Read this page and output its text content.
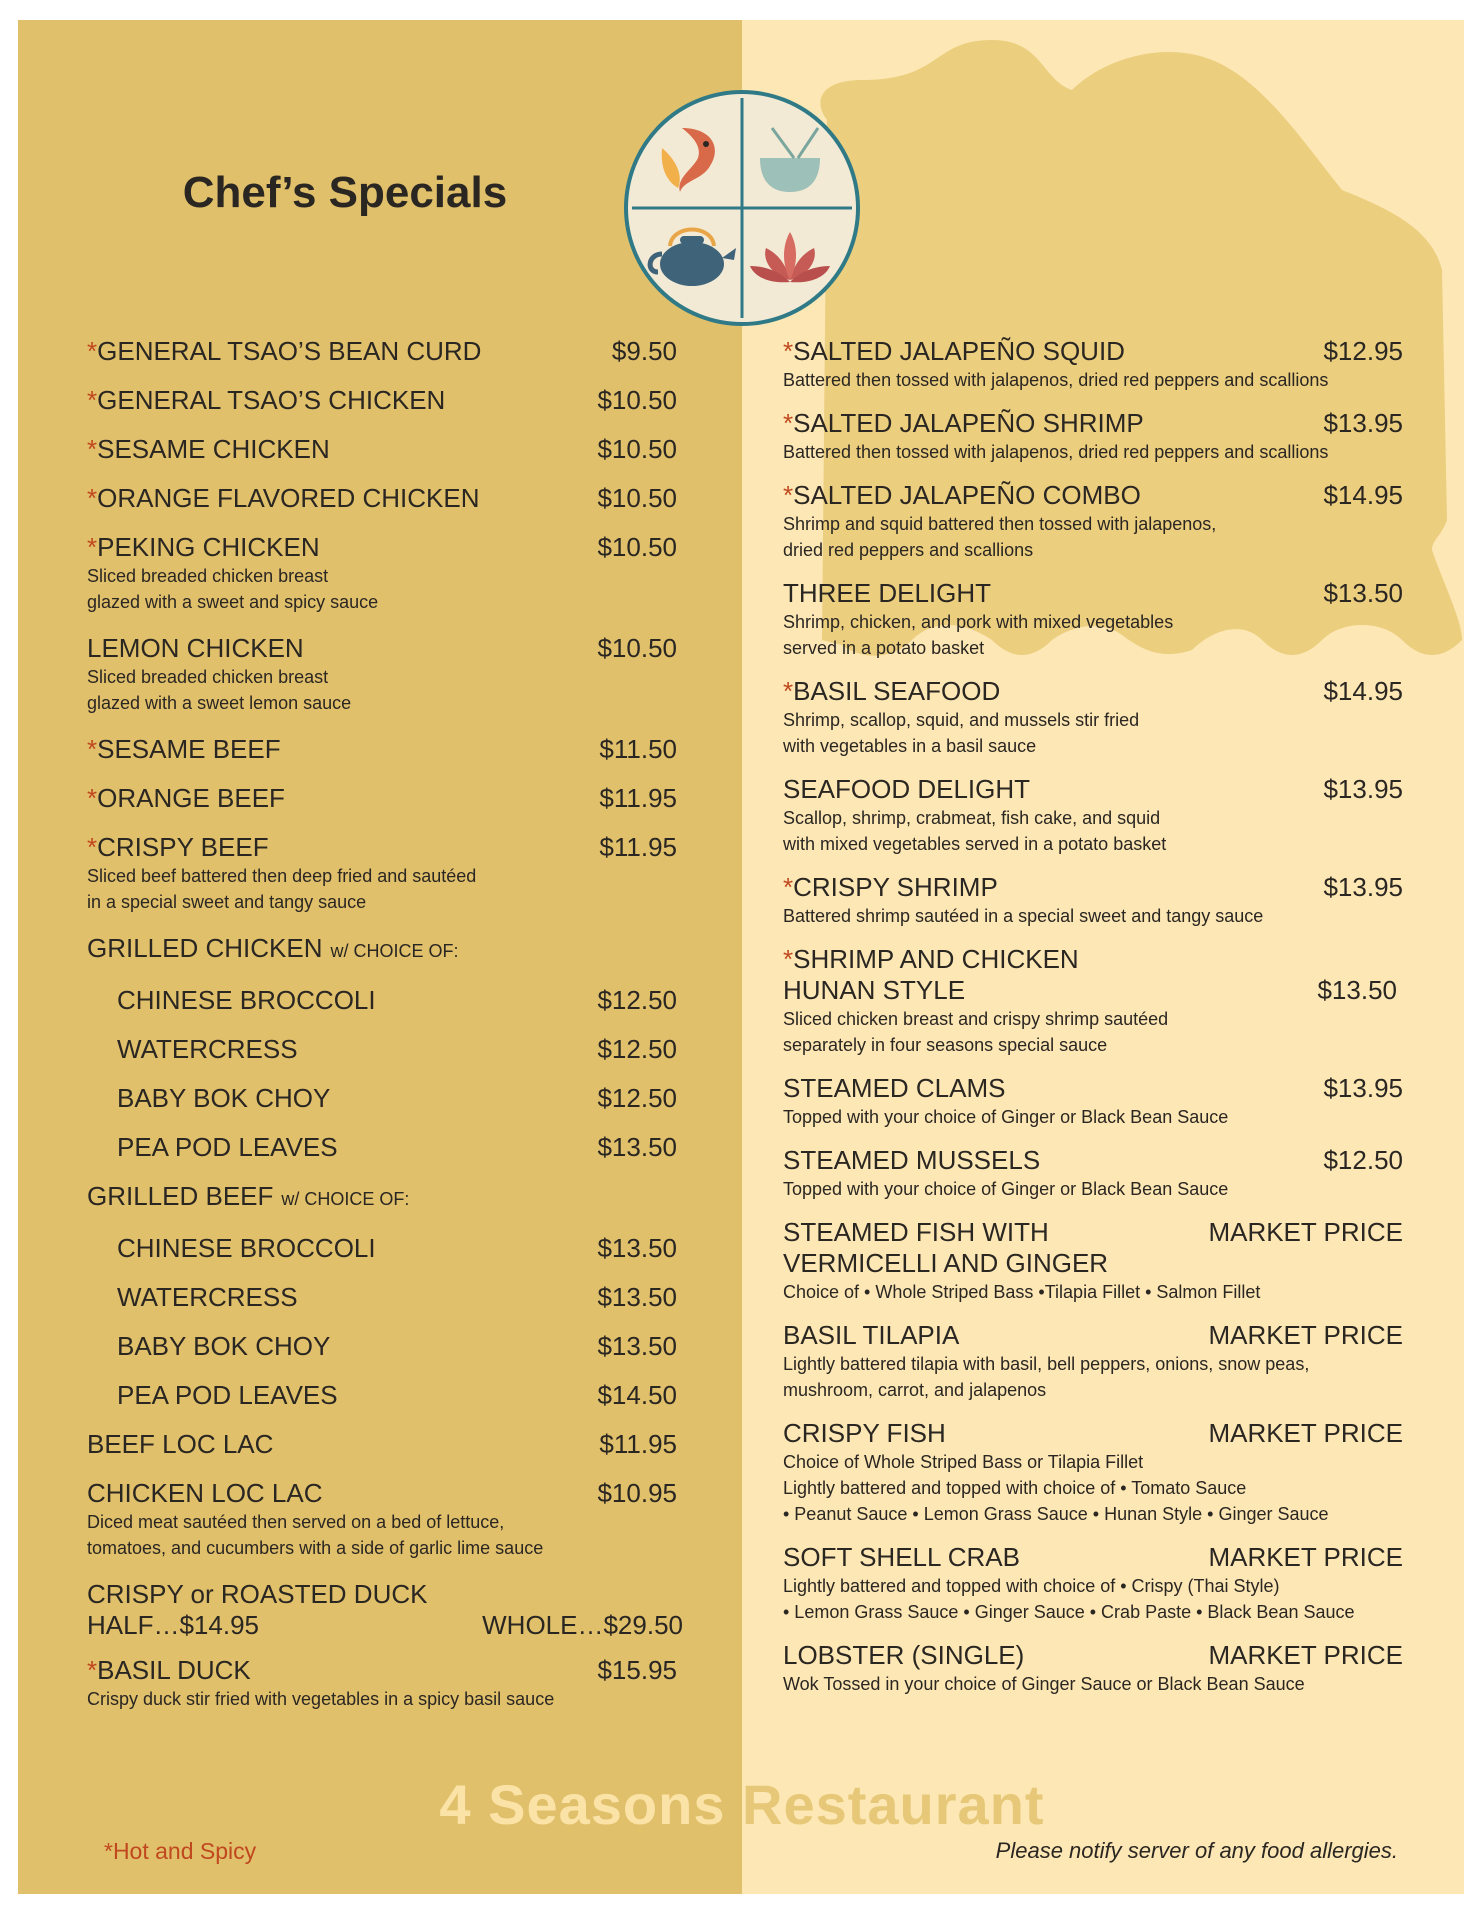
Chef’s Specials
*GENERAL TSAO’S BEAN CURD	$9.50
*GENERAL TSAO’S CHICKEN	$10.50
*SESAME CHICKEN	$10.50
*ORANGE FLAVORED CHICKEN	$10.50
*PEKING CHICKEN	$10.50
Sliced breaded chicken breast
glazed with a sweet and spicy sauce
LEMON CHICKEN	$10.50
Sliced breaded chicken breast
glazed with a sweet lemon sauce
*SESAME BEEF	$11.50
*ORANGE BEEF	$11.95
*CRISPY BEEF	$11.95
Sliced beef battered then deep fried and sautéed
in a special sweet and tangy sauce
GRILLED CHICKEN w/ CHOICE OF:
CHINESE BROCCOLI	$12.50
WATERCRESS	$12.50
BABY BOK CHOY	$12.50
PEA POD LEAVES	$13.50
GRILLED BEEF w/ CHOICE OF:
CHINESE BROCCOLI	$13.50
WATERCRESS	$13.50
BABY BOK CHOY	$13.50
PEA POD LEAVES	$14.50
BEEF LOC LAC	$11.95
CHICKEN LOC LAC	$10.95
Diced meat sautéed then served on a bed of lettuce,
tomatoes, and cucumbers with a side of garlic lime sauce
CRISPY or ROASTED DUCK
HALF…$14.95	WHOLE…$29.50
*BASIL DUCK	$15.95
Crispy duck stir fried with vegetables in a spicy basil sauce
*SALTED JALAPEÑO SQUID	$12.95
Battered then tossed with jalapenos, dried red peppers and scallions
*SALTED JALAPEÑO SHRIMP	$13.95
Battered then tossed with jalapenos, dried red peppers and scallions
*SALTED JALAPEÑO COMBO	$14.95
Shrimp and squid battered then tossed with jalapenos,
dried red peppers and scallions
THREE DELIGHT	$13.50
Shrimp, chicken, and pork with mixed vegetables
served in a potato basket
*BASIL SEAFOOD	$14.95
Shrimp, scallop, squid, and mussels stir fried
with vegetables in a basil sauce
SEAFOOD DELIGHT	$13.95
Scallop, shrimp, crabmeat, fish cake, and squid
with mixed vegetables served in a potato basket
*CRISPY SHRIMP	$13.95
Battered shrimp sautéed in a special sweet and tangy sauce
*SHRIMP AND CHICKEN
HUNAN STYLE	$13.50
Sliced chicken breast and crispy shrimp sautéed
separately in four seasons special sauce
STEAMED CLAMS	$13.95
Topped with your choice of Ginger or Black Bean Sauce
STEAMED MUSSELS	$12.50
Topped with your choice of Ginger or Black Bean Sauce
STEAMED FISH WITH	MARKET PRICE
VERMICELLI AND GINGER
Choice of • Whole Striped Bass •Tilapia Fillet • Salmon Fillet
BASIL TILAPIA	MARKET PRICE
Lightly battered tilapia with basil, bell peppers, onions, snow peas,
mushroom, carrot, and jalapenos
CRISPY FISH	MARKET PRICE
Choice of Whole Striped Bass or Tilapia Fillet
Lightly battered and topped with choice of • Tomato Sauce
• Peanut Sauce • Lemon Grass Sauce • Hunan Style • Ginger Sauce
SOFT SHELL CRAB	MARKET PRICE
Lightly battered and topped with choice of • Crispy (Thai Style)
• Lemon Grass Sauce • Ginger Sauce • Crab Paste • Black Bean Sauce
LOBSTER (SINGLE)	MARKET PRICE
Wok Tossed in your choice of Ginger Sauce or Black Bean Sauce
4 Seasons Restaurant
*Hot and Spicy	Please notify server of any food allergies.
